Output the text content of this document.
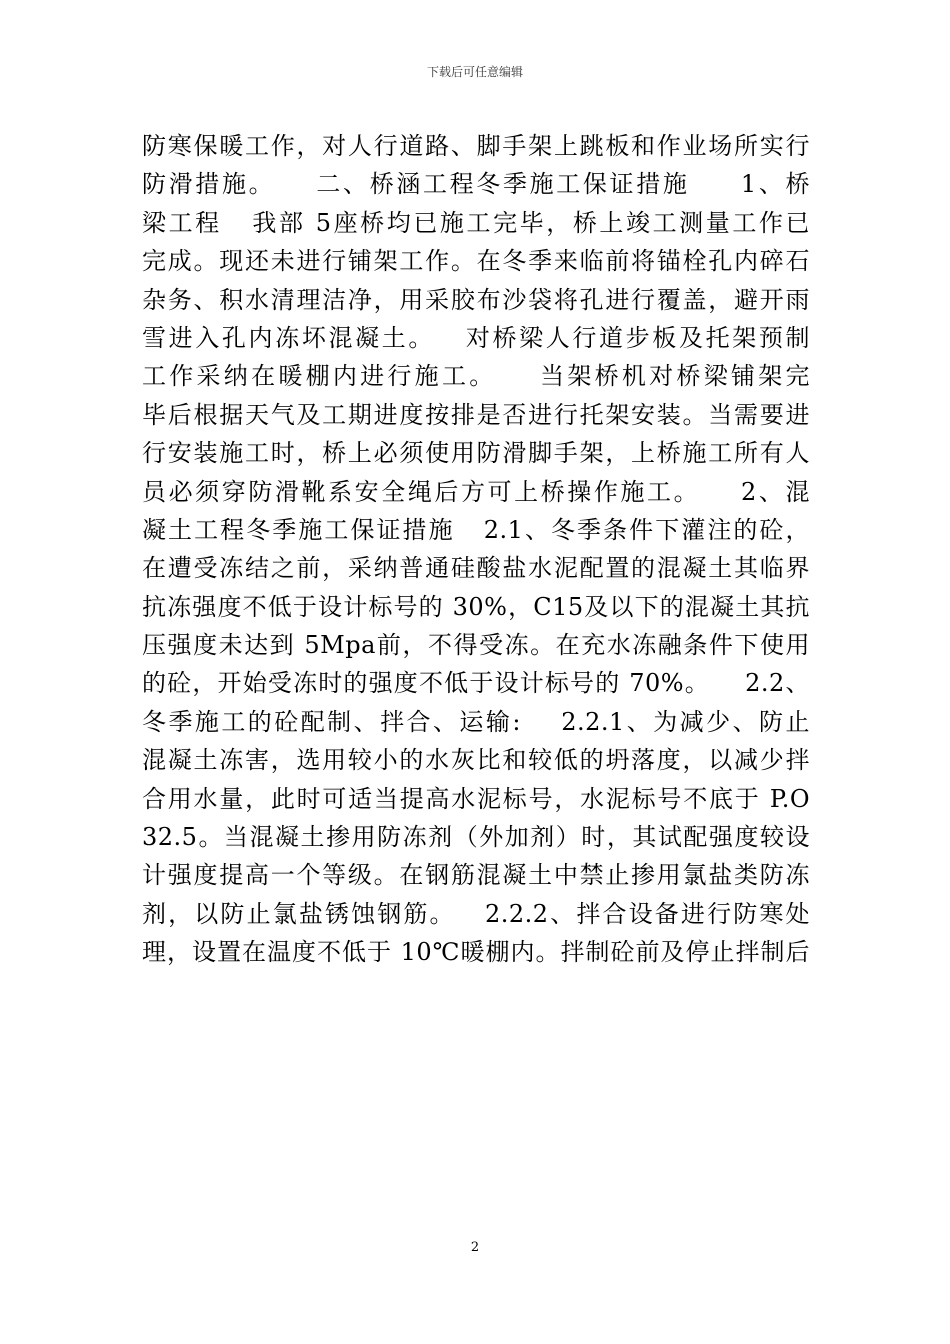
下载后可任意编辑
防寒保暖工作，对人行道路、脚手架上跳板和作业场所实行
防滑措施。    二、桥涵工程冬季施工保证措施     1、桥
梁工程   我部 5座桥均已施工完毕，桥上竣工测量工作已
完成。现还未进行铺架工作。在冬季来临前将锚栓孔内碎石
杂务、积水清理洁净，用采胶布沙袋将孔进行覆盖，避开雨
雪进入孔内冻坏混凝土。   对桥梁人行道步板及托架预制
工作采纳在暖棚内进行施工。    当架桥机对桥梁铺架完
毕后根据天气及工期进度按排是否进行托架安装。当需要进
行安装施工时，桥上必须使用防滑脚手架，上桥施工所有人
员必须穿防滑靴系安全绳后方可上桥操作施工。    2、混
凝土工程冬季施工保证措施   2.1、冬季条件下灌注的砼，
在遭受冻结之前，采纳普通硅酸盐水泥配置的混凝土其临界
抗冻强度不低于设计标号的 30%，C15及以下的混凝土其抗
压强度未达到 5Mpa前，不得受冻。在充水冻融条件下使用
的砼，开始受冻时的强度不低于设计标号的 70%。    2.2、
冬季施工的砼配制、拌合、运输:    2.2.1、为减少、防止
混凝土冻害，选用较小的水灰比和较低的坍落度，以减少拌
合用水量，此时可适当提高水泥标号，水泥标号不底于 P.O
32.5。当混凝土掺用防冻剂（外加剂）时，其试配强度较设
计强度提高一个等级。在钢筋混凝土中禁止掺用氯盐类防冻
剂，以防止氯盐锈蚀钢筋。   2.2.2、拌合设备进行防寒处
理，设置在温度不低于 10℃暖棚内。拌制砼前及停止拌制后
2
